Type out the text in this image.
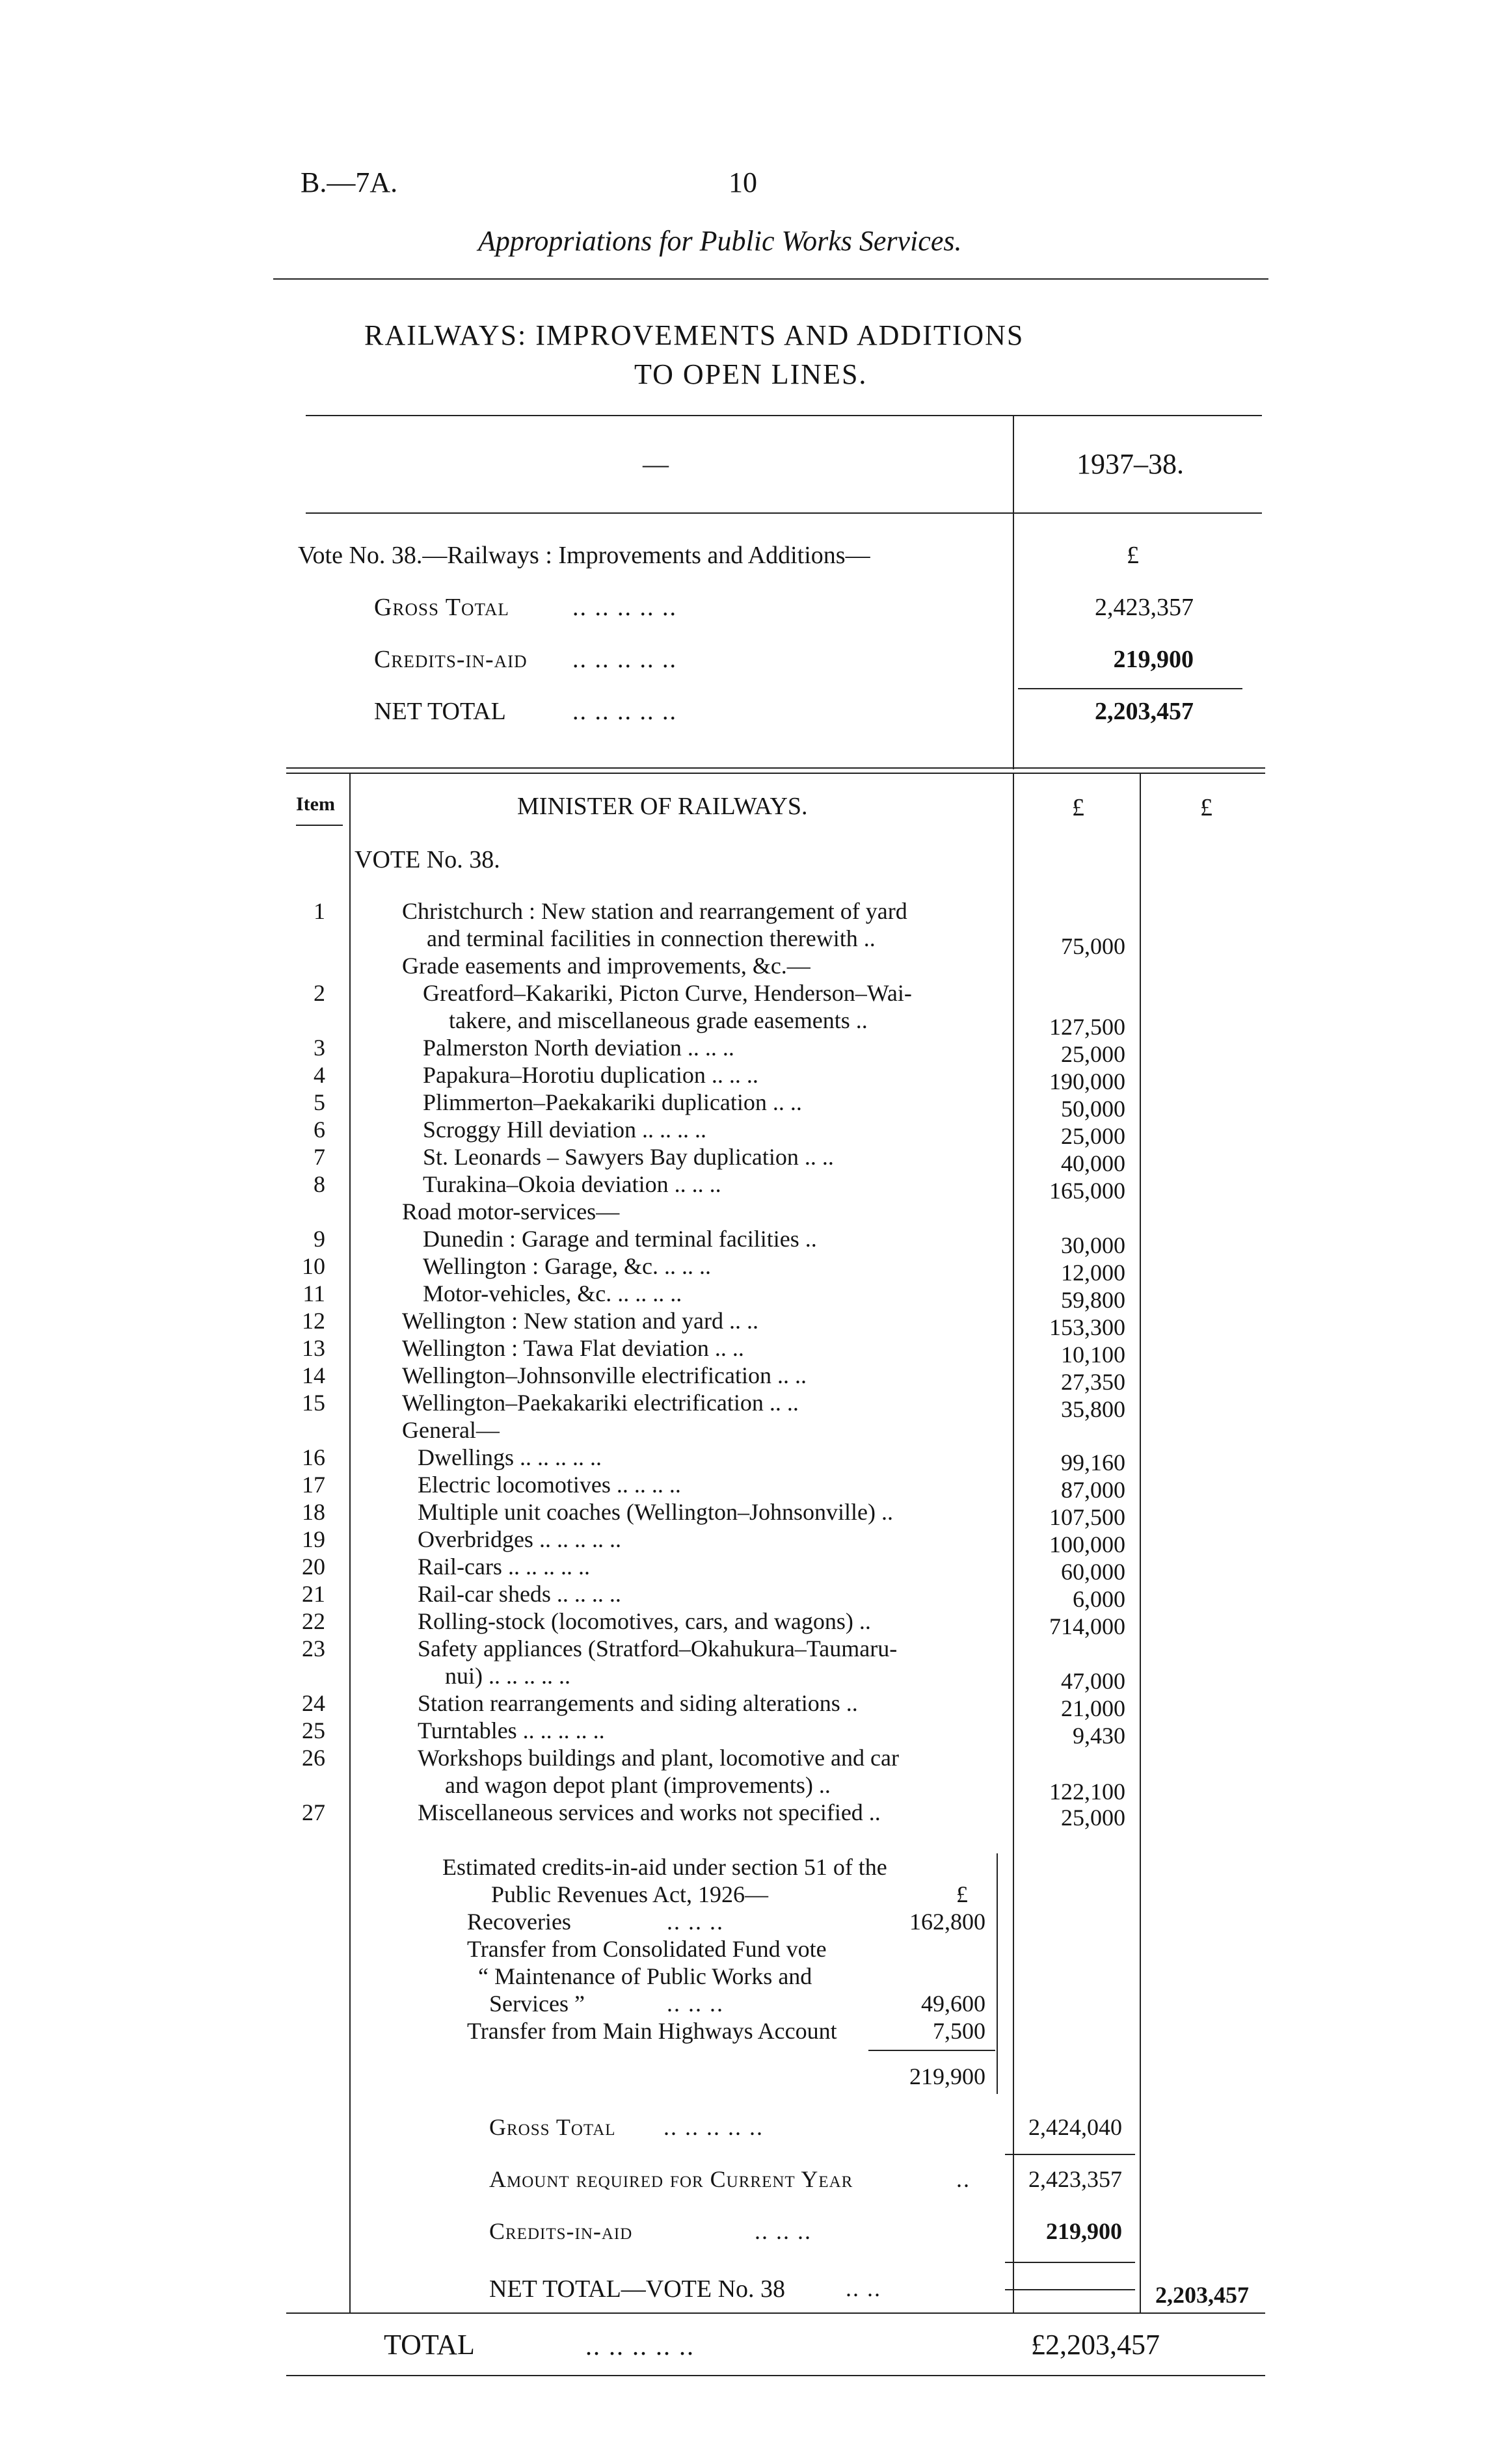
B.—7A.	10
Appropriations for Public Works Services.
RAILWAYS: IMPROVEMENTS AND ADDITIONS
TO OPEN LINES.
—	1937–38.
Vote No. 38.—Railways : Improvements and Additions—	£
Gross Total	.. .. .. .. ..	2,423,357
Credits-in-aid .. .. .. .. ..	219,900
NET TOTAL	.. .. .. .. ..	2,203,457
Item	MINISTER OF RAILWAYS.	£	£
VOTE No. 38.
1	Christchurch : New station and rearrangement of yard
and terminal facilities in connection therewith ..	75,000
Grade easements and improvements, &c.—
2	Greatford–Kakariki, Picton Curve, Henderson–Wai-
takere, and miscellaneous grade easements ..	127,500
3	Palmerston North deviation .. .. ..	25,000
4	Papakura–Horotiu duplication .. .. ..	190,000
5	Plimmerton–Paekakariki duplication .. ..	50,000
6	Scroggy Hill deviation .. .. .. ..	25,000
7	St. Leonards – Sawyers Bay duplication .. ..	40,000
8	Turakina–Okoia deviation .. .. ..	165,000
Road motor-services—
9	Dunedin : Garage and terminal facilities ..	30,000
10	Wellington : Garage, &c. .. .. ..	12,000
11	Motor-vehicles, &c. .. .. .. ..	59,800
12	Wellington : New station and yard .. ..	153,300
13	Wellington : Tawa Flat deviation .. ..	10,100
14	Wellington–Johnsonville electrification .. ..	27,350
15	Wellington–Paekakariki electrification .. ..	35,800
General—
16	Dwellings .. .. .. .. ..	99,160
17	Electric locomotives .. .. .. ..	87,000
18	Multiple unit coaches (Wellington–Johnsonville) ..	107,500
19	Overbridges .. .. .. .. ..	100,000
20	Rail-cars .. .. .. .. ..	60,000
21	Rail-car sheds .. .. .. ..	6,000
22	Rolling-stock (locomotives, cars, and wagons) ..	714,000
23	Safety appliances (Stratford–Okahukura–Taumaru-
nui) .. .. .. .. ..	47,000
24	Station rearrangements and siding alterations ..	21,000
25	Turntables .. .. .. .. ..	9,430
26	Workshops buildings and plant, locomotive and car
and wagon depot plant (improvements) ..	122,100
27	Miscellaneous services and works not specified ..	25,000
Estimated credits-in-aid under section 51 of the
Public Revenues Act, 1926—	£
Recoveries	.. .. ..	162,800
Transfer from Consolidated Fund vote
“ Maintenance of Public Works and
Services ”	.. .. ..	49,600
Transfer from Main Highways Account	7,500
219,900
Gross Total .. .. .. .. ..	2,424,040
Amount required for Current Year	..	2,423,357
Credits-in-aid	.. .. ..	219,900
NET TOTAL—VOTE No. 38	.. ..	2,203,457
TOTAL	.. .. .. .. ..	£2,203,457
